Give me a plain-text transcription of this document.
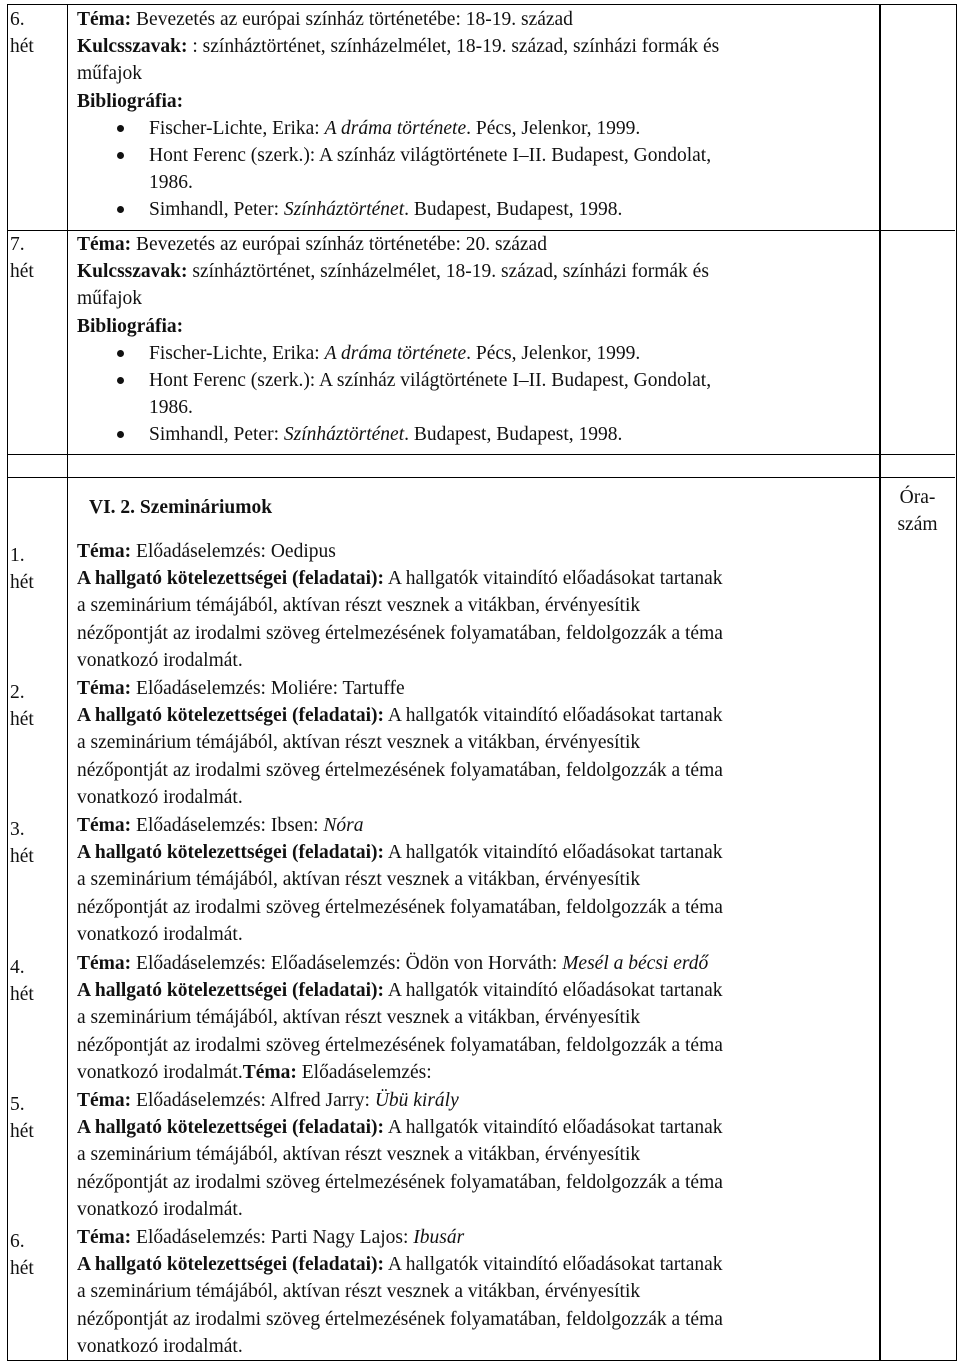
6.
hét
Téma: Bevezetés az európai színház történetébe: 18-19. század
Kulcsszavak: : színháztörténet, színházelmélet, 18-19. század, színházi formák és
műfajok
Bibliográfia:
Fischer-Lichte, Erika: A dráma története. Pécs, Jelenkor, 1999.
Hont Ferenc (szerk.): A színház világtörténete I–II. Budapest, Gondolat,
1986.
Simhandl, Peter: Színháztörténet. Budapest, Budapest, 1998.
7.
hét
Téma: Bevezetés az európai színház történetébe: 20. század
Kulcsszavak: színháztörténet, színházelmélet, 18-19. század, színházi formák és
műfajok
Bibliográfia:
Fischer-Lichte, Erika: A dráma története. Pécs, Jelenkor, 1999.
Hont Ferenc (szerk.): A színház világtörténete I–II. Budapest, Gondolat,
1986.
Simhandl, Peter: Színháztörténet. Budapest, Budapest, 1998.
VI. 2. Szemináriumok	Óra-
szám
1.
hét
Téma: Előadáselemzés: Oedipus
A hallgató kötelezettségei (feladatai): A hallgatók vitaindító előadásokat tartanak
a szeminárium témájából, aktívan részt vesznek a vitákban, érvényesítik
nézőpontját az irodalmi szöveg értelmezésének folyamatában, feldolgozzák a téma
vonatkozó irodalmát.
2.
hét
Téma: Előadáselemzés: Moliére: Tartuffe
A hallgató kötelezettségei (feladatai): A hallgatók vitaindító előadásokat tartanak
a szeminárium témájából, aktívan részt vesznek a vitákban, érvényesítik
nézőpontját az irodalmi szöveg értelmezésének folyamatában, feldolgozzák a téma
vonatkozó irodalmát.
3.
hét
Téma: Előadáselemzés: Ibsen: Nóra
A hallgató kötelezettségei (feladatai): A hallgatók vitaindító előadásokat tartanak
a szeminárium témájából, aktívan részt vesznek a vitákban, érvényesítik
nézőpontját az irodalmi szöveg értelmezésének folyamatában, feldolgozzák a téma
vonatkozó irodalmát.
4.
hét
Téma: Előadáselemzés: Előadáselemzés: Ödön von Horváth: Mesél a bécsi erdő
A hallgató kötelezettségei (feladatai): A hallgatók vitaindító előadásokat tartanak
a szeminárium témájából, aktívan részt vesznek a vitákban, érvényesítik
nézőpontját az irodalmi szöveg értelmezésének folyamatában, feldolgozzák a téma
vonatkozó irodalmát.Téma: Előadáselemzés:
5.
hét
Téma: Előadáselemzés: Alfred Jarry: Übü király
A hallgató kötelezettségei (feladatai): A hallgatók vitaindító előadásokat tartanak
a szeminárium témájából, aktívan részt vesznek a vitákban, érvényesítik
nézőpontját az irodalmi szöveg értelmezésének folyamatában, feldolgozzák a téma
vonatkozó irodalmát.
6.
hét
Téma: Előadáselemzés: Parti Nagy Lajos: Ibusár
A hallgató kötelezettségei (feladatai): A hallgatók vitaindító előadásokat tartanak
a szeminárium témájából, aktívan részt vesznek a vitákban, érvényesítik
nézőpontját az irodalmi szöveg értelmezésének folyamatában, feldolgozzák a téma
vonatkozó irodalmát.
